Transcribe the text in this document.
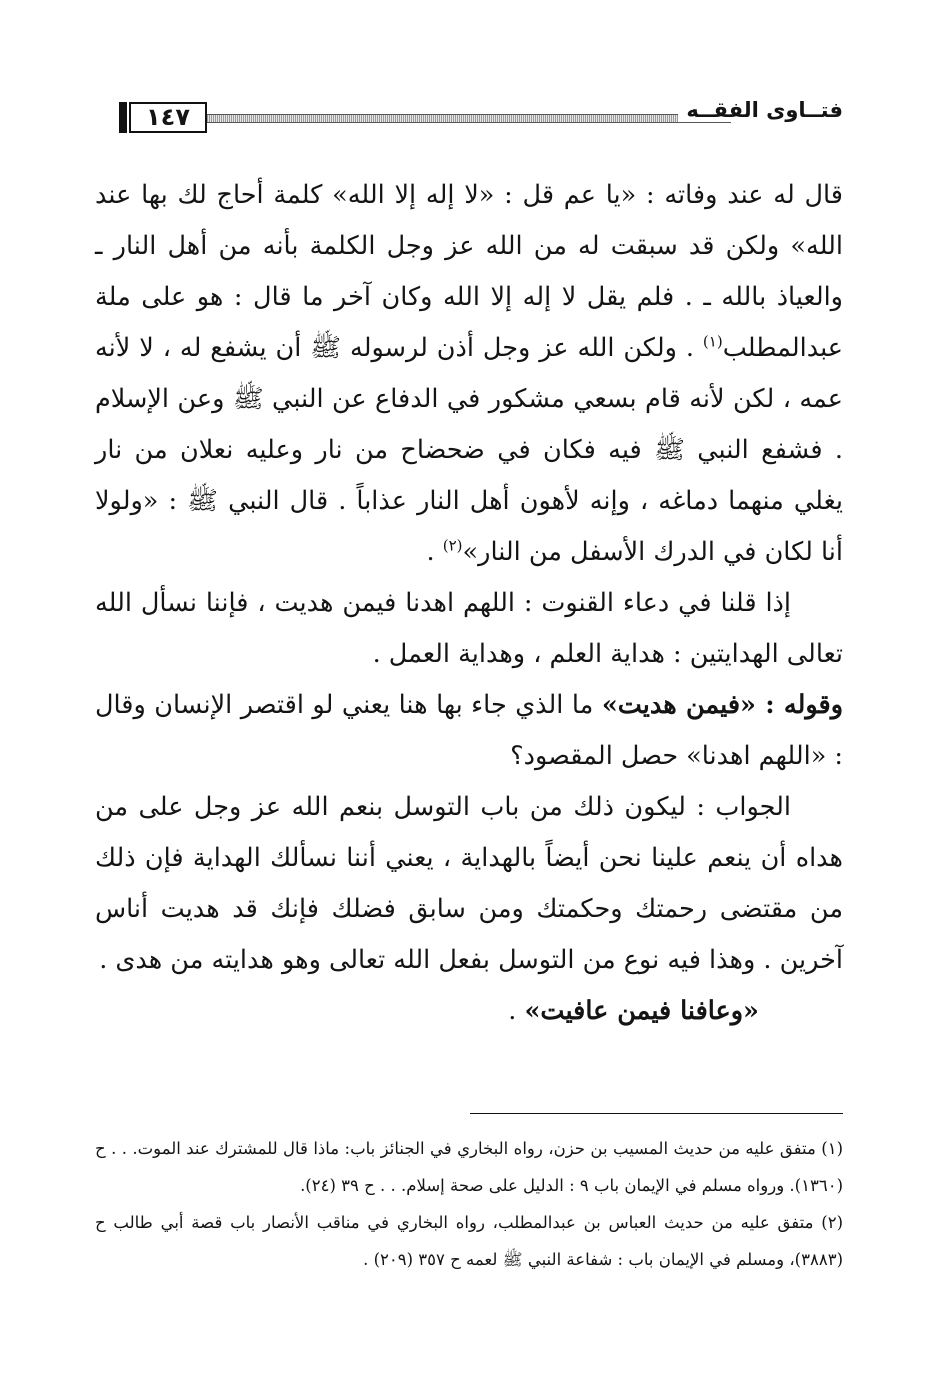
١٤٧	فتــاوى الفقــه

قال له عند وفاته : «يا عم قل : «لا إله إلا الله» كلمة أحاج لك بها عند الله» ولكن قد سبقت له من الله عز وجل الكلمة بأنه من أهل النار ـ والعياذ بالله ـ . فلم يقل لا إله إلا الله وكان آخر ما قال : هو على ملة عبدالمطلب$^{(١)}$ . ولكن الله عز وجل أذن لرسوله ﷺ أن يشفع له ، لا لأنه عمه ، لكن لأنه قام بسعي مشكور في الدفاع عن النبي ﷺ وعن الإسلام . فشفع النبي ﷺ فيه فكان في ضحضاح من نار وعليه نعلان من نار يغلي منهما دماغه ، وإنه لأهون أهل النار عذاباً . قال النبي ﷺ : «ولولا أنا لكان في الدرك الأسفل من النار»$^{(٢)}$ .

إذا قلنا في دعاء القنوت : اللهم اهدنا فيمن هديت ، فإننا نسأل الله تعالى الهدايتين : هداية العلم ، وهداية العمل .

وقوله : «فيمن هديت» ما الذي جاء بها هنا يعني لو اقتصر الإنسان وقال : «اللهم اهدنا» حصل المقصود؟

الجواب : ليكون ذلك من باب التوسل بنعم الله عز وجل على من هداه أن ينعم علينا نحن أيضاً بالهداية ، يعني أننا نسألك الهداية فإن ذلك من مقتضى رحمتك وحكمتك ومن سابق فضلك فإنك قد هديت أناس آخرين . وهذا فيه نوع من التوسل بفعل الله تعالى وهو هدايته من هدى .

«وعافنا فيمن عافيت» .

(١) متفق عليه من حديث المسيب بن حزن، رواه البخاري في الجنائز باب: ماذا قال للمشترك عند الموت. . . ح (١٣٦٠). ورواه مسلم في الإيمان باب ٩ : الدليل على صحة إسلام. . . ح ٣٩ (٢٤).

(٢) متفق عليه من حديث العباس بن عبدالمطلب، رواه البخاري في مناقب الأنصار باب قصة أبي طالب ح (٣٨٨٣)، ومسلم في الإيمان باب : شفاعة النبي ﷺ لعمه ح ٣٥٧ (٢٠٩) .
